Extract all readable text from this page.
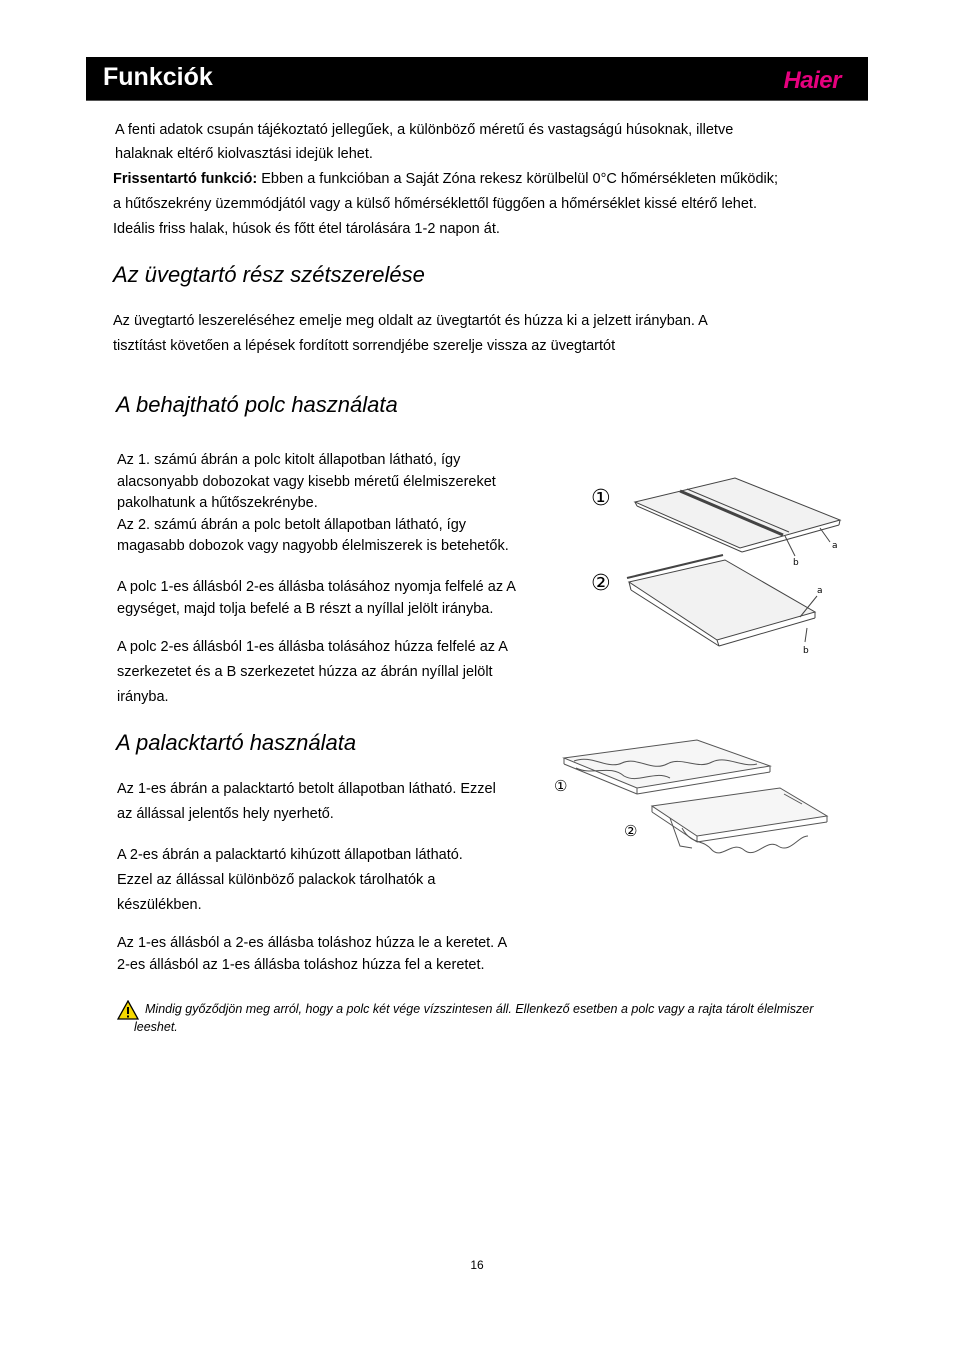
Funkciók	Haier

A fenti adatok csupán tájékoztató jellegűek, a különböző méretű és vastagságú húsoknak, illetve

halaknak eltérő kiolvasztási idejük lehet.

Frissentartó funkció: Ebben a funkcióban a Saját Zóna rekesz körülbelül 0°C hőmérsékleten működik;

a hűtőszekrény üzemmódjától vagy a külső hőmérséklettől függően a hőmérséklet kissé eltérő lehet.

Ideális friss halak, húsok és főtt étel tárolására 1-2 napon át.

Az üvegtartó rész szétszerelése

Az üvegtartó leszereléséhez emelje meg oldalt az üvegtartót és húzza ki a jelzett irányban. A

tisztítást követően a lépések fordított sorrendjébe szerelje vissza az üvegtartót

A behajtható polc használata

Az 1. számú ábrán a polc kitolt állapotban látható, így

alacsonyabb dobozokat vagy kisebb méretű élelmiszereket

pakolhatunk a hűtőszekrénybe.

Az 2. számú ábrán a polc betolt állapotban látható, így

magasabb dobozok vagy nagyobb élelmiszerek is betehetők.

A polc 1-es állásból 2-es állásba tolásához nyomja felfelé az A

egységet, majd tolja befelé a B részt a nyíllal jelölt irányba.

A polc 2-es állásból 1-es állásba tolásához húzza felfelé az A

szerkezetet és a B szerkezetet húzza az ábrán nyíllal jelölt

irányba.

①
b
a
②	a
b
A palacktartó használata

Az 1-es ábrán a palacktartó betolt állapotban látható. Ezzel

az állással jelentős hely nyerhető.

A 2-es ábrán a palacktartó kihúzott állapotban látható.

Ezzel az állással különböző palackok tárolhatók a

készülékben.

Az 1-es állásból a 2-es állásba toláshoz húzza le a keretet. A

2-es állásból az 1-es állásba toláshoz húzza fel a keretet.

①
②
Mindig győződjön meg arról, hogy a polc két vége vízszintesen áll. Ellenkező esetben a polc vagy a rajta tárolt élelmiszer
leeshet.
16
